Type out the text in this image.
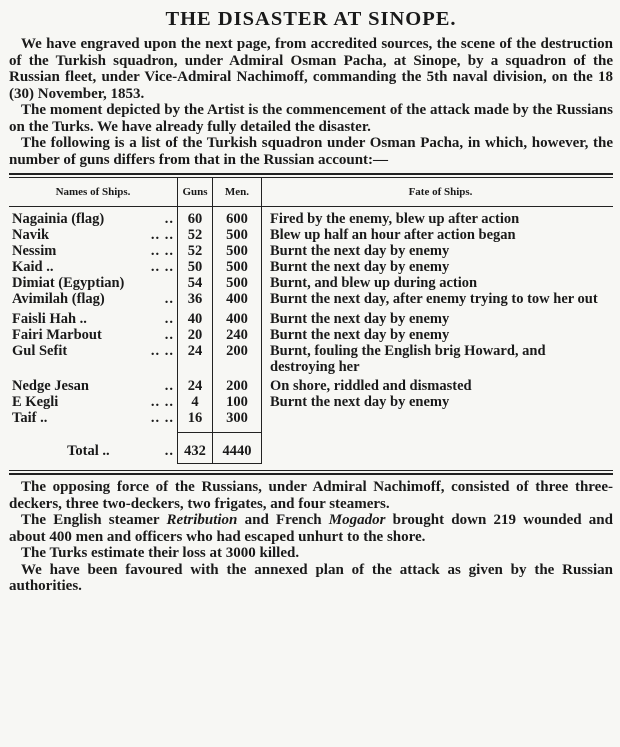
THE DISASTER AT SINOPE.

We have engraved upon the next page, from accredited sources, the scene of the destruction of the Turkish squadron, under Admiral Osman Pacha, at Sinope, by a squadron of the Russian fleet, under Vice-Admiral Nachimoff, commanding the 5th naval division, on the 18 (30) November, 1853.

The moment depicted by the Artist is the commencement of the attack made by the Russians on the Turks. We have already fully detailed the disaster.

The following is a list of the Turkish squadron under Osman Pacha, in which, however, the number of guns differs from that in the Russian account:—

Names of Ships.	Guns	Men.	Fate of Ships.
Nagainia (flag) ..	60	600	Fired by the enemy, blew up after action
Navik .. ..	52	500	Blew up half an hour after action began
Nessim .. ..	52	500	Burnt the next day by enemy
Kaid .. .. ..	50	500	Burnt the next day by enemy
Dimiat (Egyptian)	54	500	Burnt, and blew up during action
Avimilah (flag) ..	36	400	Burnt the next day, after enemy trying to tow her out
Faisli Hah .. ..	40	400	Burnt the next day by enemy
Fairi Marbout ..	20	240	Burnt the next day by enemy
Gul Sefit .. ..	24	200	Burnt, fouling the English brig Howard, and destroying her
Nedge Jesan ..	24	200	On shore, riddled and dismasted
E Kegli .. ..	4	100	Burnt the next day by enemy
Taif .. .. ..	16	300	
Total .. ..	432	4440	

The opposing force of the Russians, under Admiral Nachimoff, consisted of three three-deckers, three two-deckers, two frigates, and four steamers.

The English steamer Retribution and French Mogador brought down 219 wounded and about 400 men and officers who had escaped unhurt to the shore.

The Turks estimate their loss at 3000 killed.

We have been favoured with the annexed plan of the attack as given by the Russian authorities.
